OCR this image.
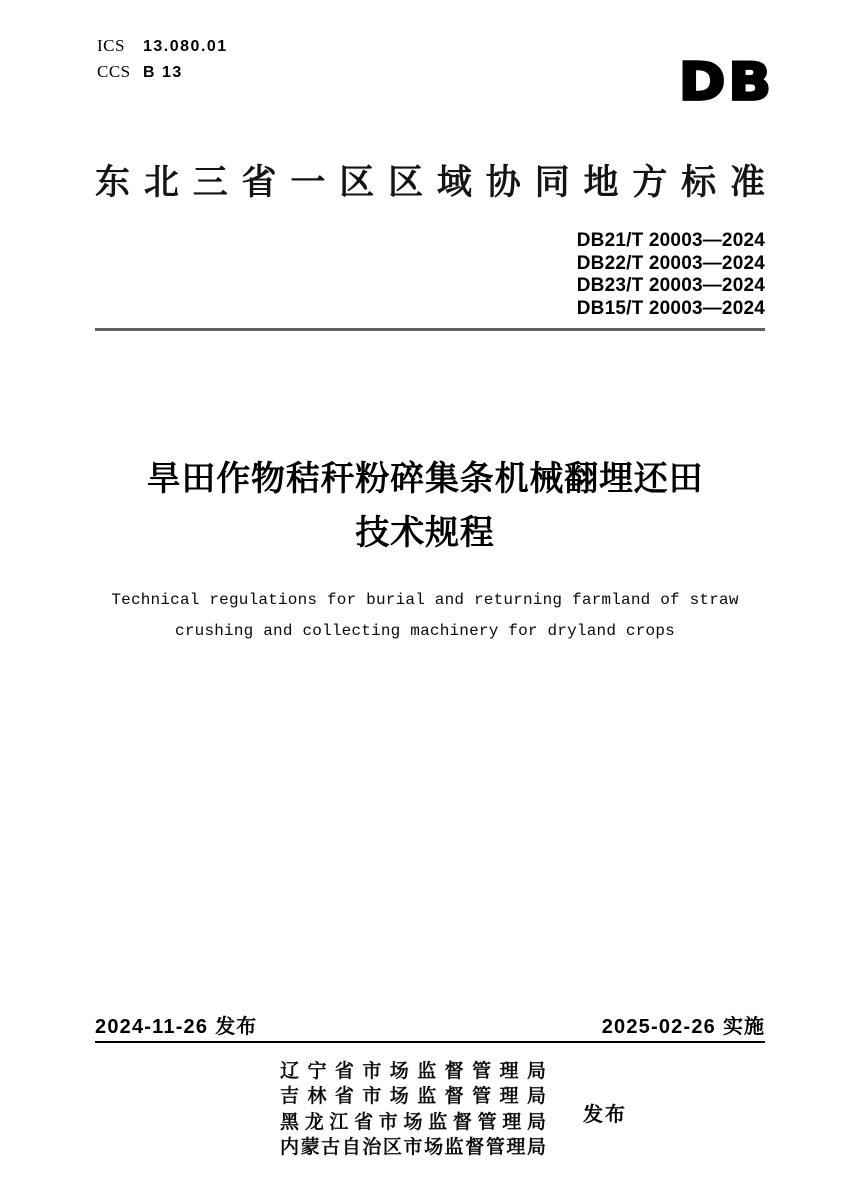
ICS	13.080.01
CCS B 13	DB
东北三省一区区域协同地方标准
DB21/T 20003—2024
DB22/T 20003—2024
DB23/T 20003—2024
DB15/T 20003—2024
旱田作物秸秆粉碎集条机械翻埋还田
技术规程
Technical regulations for burial and returning farmland of straw
crushing and collecting machinery for dryland crops
2024-11-26 发布	2025-02-26 实施
辽宁省市场监督管理局
吉林省市场监督管理局
黑龙江省市场监督管理局
内蒙古自治区市场监督管理局
发布
